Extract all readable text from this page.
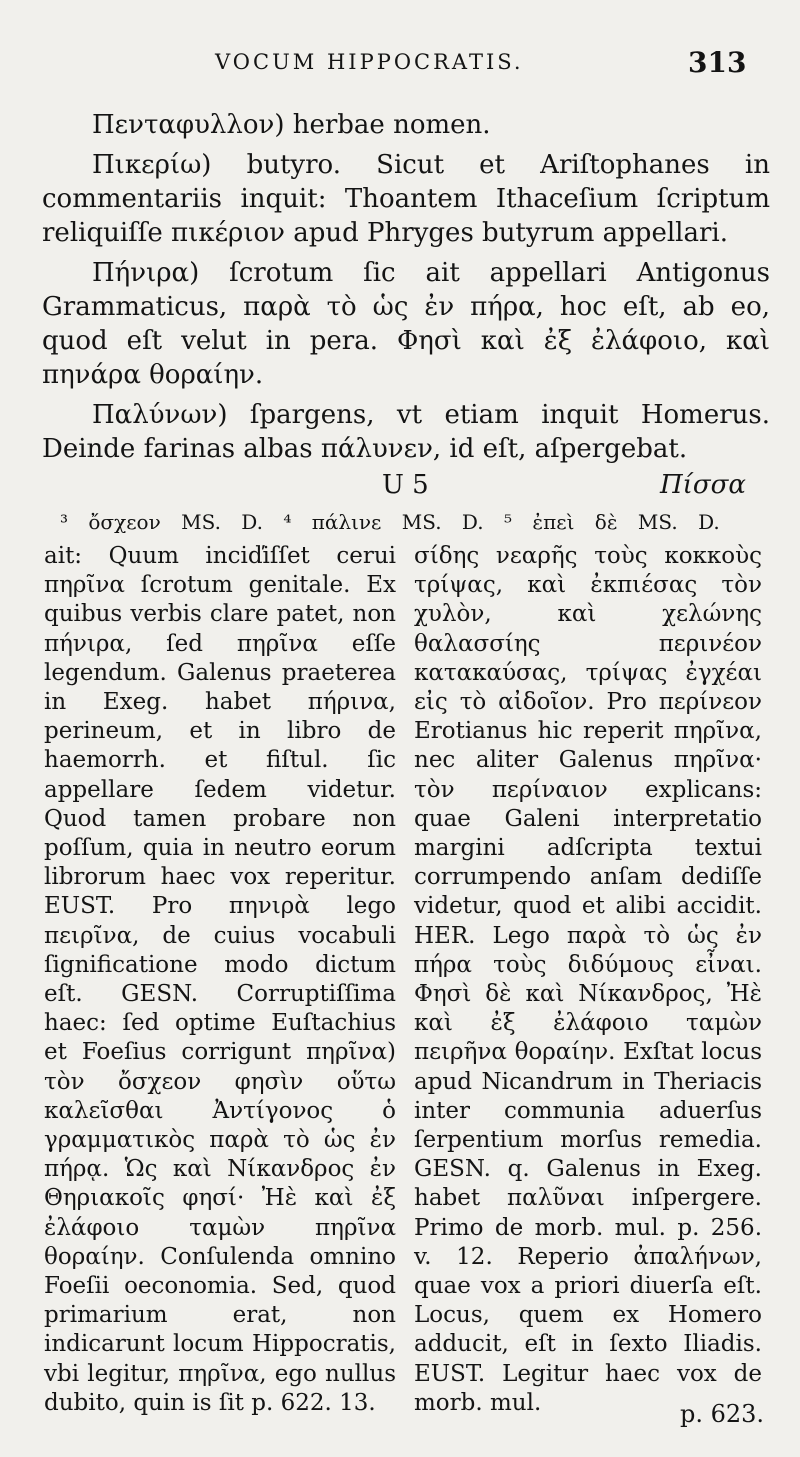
VOCUM HIPPOCRATIS.	313

Πενταφυλλον) herbae nomen.

Πικερίω) butyro. Sicut et Ariſtophanes in commentariis inquit: Thoantem Ithaceſium ſcriptum reliquiſſe πικέριον apud Phryges butyrum appellari.

Πήνιρα) ſcrotum ſic ait appellari Antigonus Grammaticus, παρὰ τὸ ὡς ἐν πήρα, hoc eſt, ab eo, quod eſt velut in pera. Φησὶ καὶ ἐξ ἐλάφοιο, καὶ πηνάρα θοραίην.

Παλύνων) ſpargens, vt etiam inquit Homerus. Deinde farinas albas πάλυνεν, id eſt, aſpergebat.

U 5	Πίσσα
³ ὄσχεον MS. D. ⁴ πάλινε MS. D. ⁵ ἐπεὶ δὲ MS. D.

ait: Quum inciďiſſet cerui πηρῖνα ſcrotum genitale. Ex quibus verbis clare patet, non πήνιρα, ſed πηρῖνα eſſe legendum. Galenus praeterea in Exeg. habet πήρινα, perineum, et in libro de haemorrh. et fiſtul. ſic appellare ſedem videtur. Quod tamen probare non poſſum, quia in neutro eorum librorum haec vox reperitur. EUST. Pro πηνιρὰ lego πειρῖνα, de cuius vocabuli ſignificatione modo dictum eſt. GESN. Corruptiſſima haec: ſed optime Euſtachius et Foeſius corrigunt πηρῖνα) τὸν ὄσχεον φησὶν οὕτω καλεῖσθαι Ἀντίγονος ὁ γραμματικὸς παρὰ τὸ ὡς ἐν πήρᾳ. Ὡς καὶ Νίκανδρος ἐν Θηριακοῖς φησί· Ἠὲ καὶ ἐξ ἐλάφοιο ταμὼν πηρῖνα θοραίην. Conſulenda omnino Foeſii oeconomia. Sed, quod primarium erat, non indicarunt locum Hippocratis, vbi legitur, πηρῖνα, ego nullus dubito, quin is ſit p. 622. 13.

σίδης νεαρῆς τοὺς κοκκοὺς τρίψας, καὶ ἐκπιέσας τὸν χυλὸν, καὶ χελώνης θαλασσίης περινέον κατακαύσας, τρίψας ἐγχέαι εἰς τὸ αἰδοῖον. Pro περίνεον Erotianus hic reperit πηρῖνα, nec aliter Galenus πηρῖνα· τὸν περίναιον explicans: quae Galeni interpretatio margini adſcripta textui corrumpendo anſam dediſſe videtur, quod et alibi accidit. HER. Lego παρὰ τὸ ὡς ἐν πήρα τοὺς διδύμους εἶναι. Φησὶ δὲ καὶ Νίκανδρος, Ἠὲ καὶ ἐξ ἐλάφοιο ταμὼν πειρῆνα θοραίην. Exſtat locus apud Nicandrum in Theriacis inter communia aduerſus ſerpentium morſus remedia. GESN. q. Galenus in Exeg. habet παλῦναι inſpergere. Primo de morb. mul. p. 256. v. 12. Reperio ἀπαλήνων, quae vox a priori diuerſa eſt. Locus, quem ex Homero adducit, eſt in ſexto Iliadis. EUST. Legitur haec vox de morb. mul.	p. 623.
